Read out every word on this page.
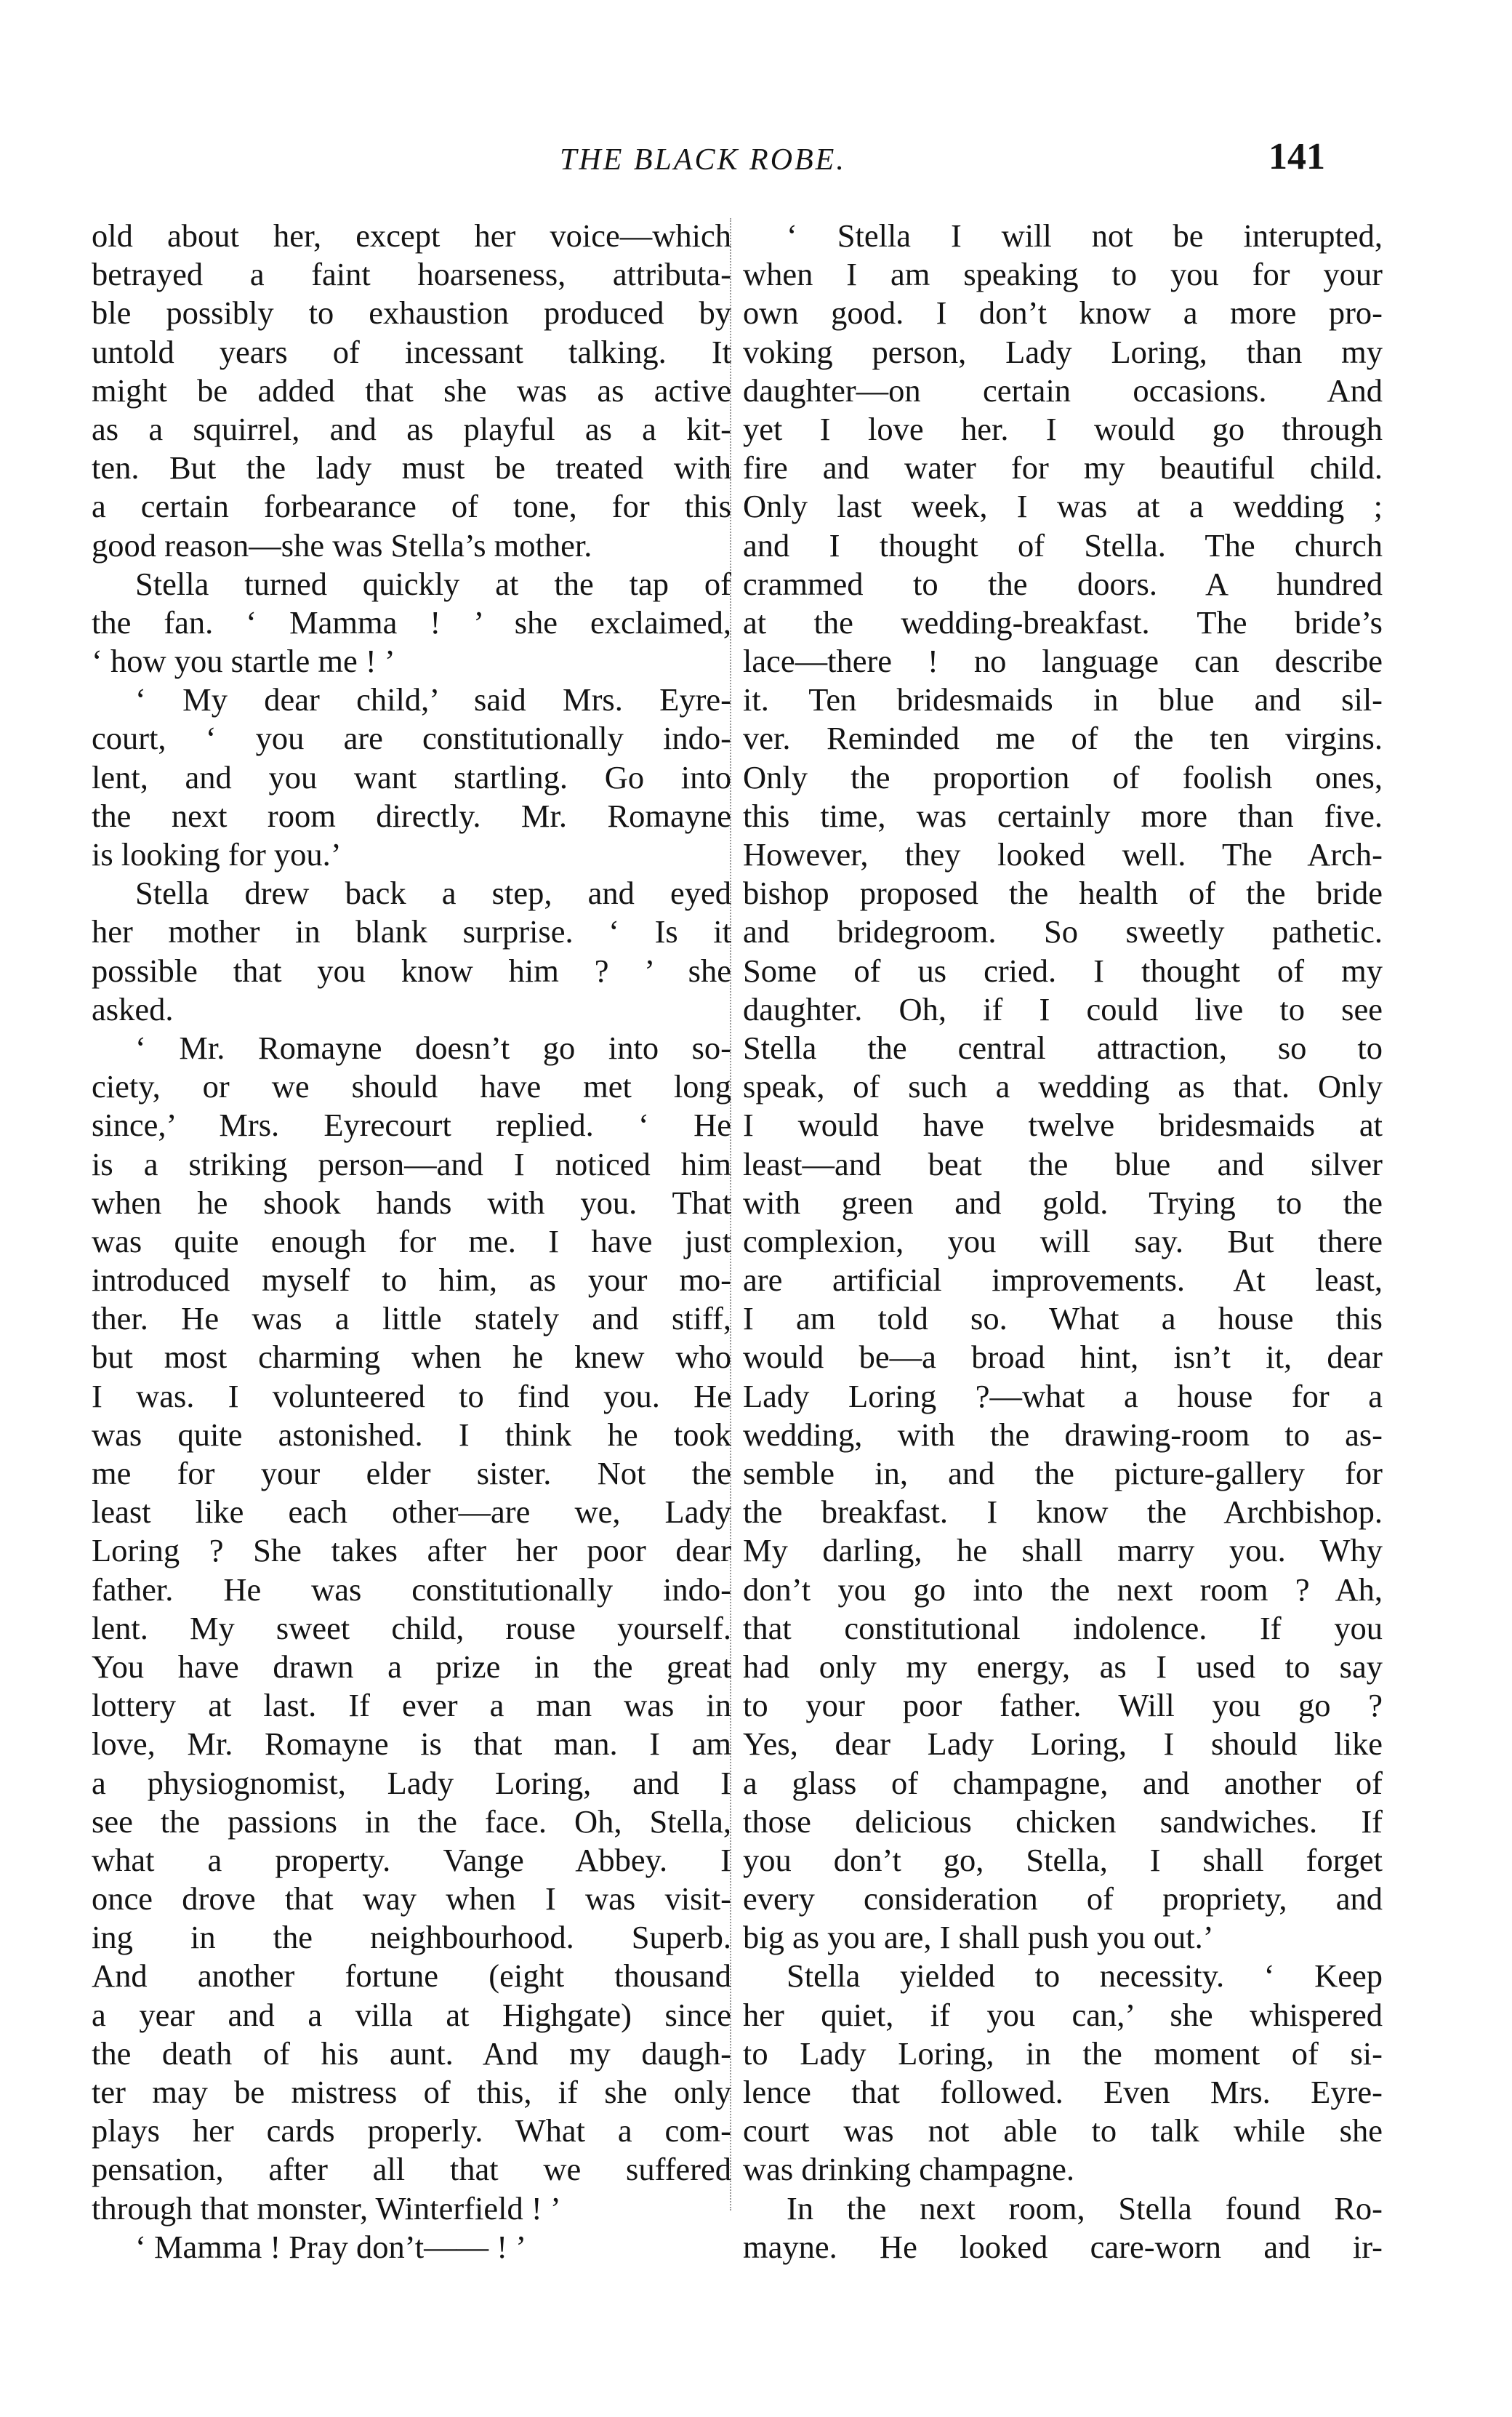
THE BLACK ROBE.	141
old about her, except her voice—which
betrayed a faint hoarseness, attributa-
ble possibly to exhaustion produced by
untold years of incessant talking. It
might be added that she was as active
as a squirrel, and as playful as a kit-
ten. But the lady must be treated with
a certain forbearance of tone, for this
good reason—she was Stella’s mother.
Stella turned quickly at the tap of
the fan. ‘ Mamma ! ’ she exclaimed,
‘ how you startle me ! ’
‘ My dear child,’ said Mrs. Eyre-
court, ‘ you are constitutionally indo-
lent, and you want startling. Go into
the next room directly. Mr. Romayne
is looking for you.’
Stella drew back a step, and eyed
her mother in blank surprise. ‘ Is it
possible that you know him ? ’ she
asked.
‘ Mr. Romayne doesn’t go into so-
ciety, or we should have met long
since,’ Mrs. Eyrecourt replied. ‘ He
is a striking person—and I noticed him
when he shook hands with you. That
was quite enough for me. I have just
introduced myself to him, as your mo-
ther. He was a little stately and stiff,
but most charming when he knew who
I was. I volunteered to find you. He
was quite astonished. I think he took
me for your elder sister. Not the
least like each other—are we, Lady
Loring ? She takes after her poor dear
father. He was constitutionally indo-
lent. My sweet child, rouse yourself.
You have drawn a prize in the great
lottery at last. If ever a man was in
love, Mr. Romayne is that man. I am
a physiognomist, Lady Loring, and I
see the passions in the face. Oh, Stella,
what a property. Vange Abbey. I
once drove that way when I was visit-
ing in the neighbourhood. Superb.
And another fortune (eight thousand
a year and a villa at Highgate) since
the death of his aunt. And my daugh-
ter may be mistress of this, if she only
plays her cards properly. What a com-
pensation, after all that we suffered
through that monster, Winterfield ! ’
‘ Mamma ! Pray don’t—— ! ’
‘ Stella I will not be interupted,
when I am speaking to you for your
own good. I don’t know a more pro-
voking person, Lady Loring, than my
daughter—on certain occasions. And
yet I love her. I would go through
fire and water for my beautiful child.
Only last week, I was at a wedding ;
and I thought of Stella. The church
crammed to the doors. A hundred
at the wedding-breakfast. The bride’s
lace—there ! no language can describe
it. Ten bridesmaids in blue and sil-
ver. Reminded me of the ten virgins.
Only the proportion of foolish ones,
this time, was certainly more than five.
However, they looked well. The Arch-
bishop proposed the health of the bride
and bridegroom. So sweetly pathetic.
Some of us cried. I thought of my
daughter. Oh, if I could live to see
Stella the central attraction, so to
speak, of such a wedding as that. Only
I would have twelve bridesmaids at
least—and beat the blue and silver
with green and gold. Trying to the
complexion, you will say. But there
are artificial improvements. At least,
I am told so. What a house this
would be—a broad hint, isn’t it, dear
Lady Loring ?—what a house for a
wedding, with the drawing-room to as-
semble in, and the picture-gallery for
the breakfast. I know the Archbishop.
My darling, he shall marry you. Why
don’t you go into the next room ? Ah,
that constitutional indolence. If you
had only my energy, as I used to say
to your poor father. Will you go ?
Yes, dear Lady Loring, I should like
a glass of champagne, and another of
those delicious chicken sandwiches. If
you don’t go, Stella, I shall forget
every consideration of propriety, and
big as you are, I shall push you out.’
Stella yielded to necessity. ‘ Keep
her quiet, if you can,’ she whispered
to Lady Loring, in the moment of si-
lence that followed. Even Mrs. Eyre-
court was not able to talk while she
was drinking champagne.
In the next room, Stella found Ro-
mayne. He looked care-worn and ir-
